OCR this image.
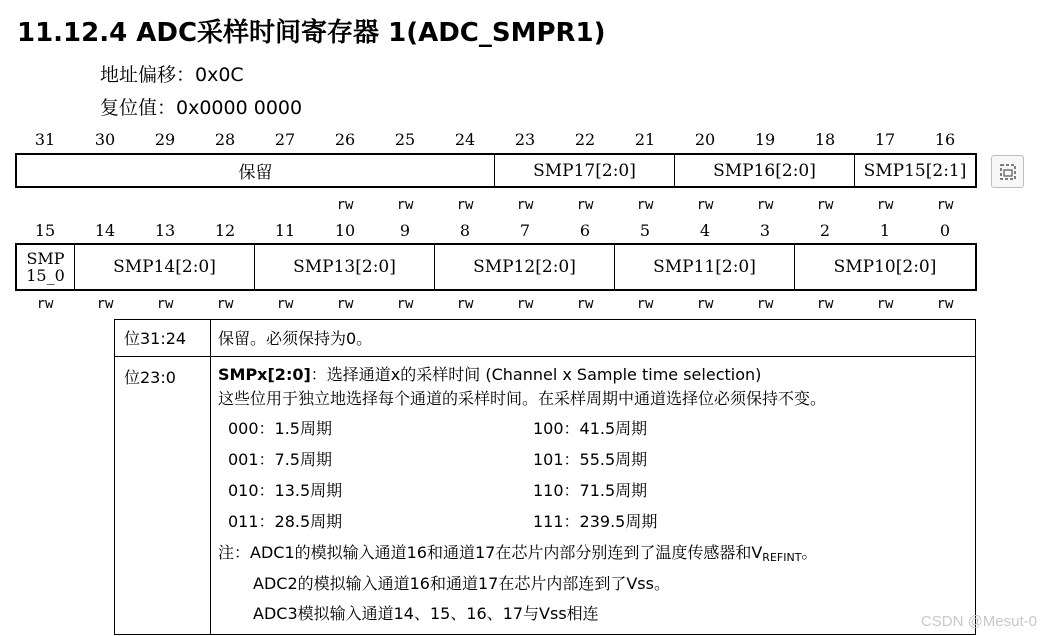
11.12.4 ADC采样时间寄存器 1(ADC_SMPR1)
地址偏移：0x0C
复位值：0x0000 0000
31	30	29	28	27	26	25	24	23	22	21	20	19	18	17	16
保留	SMP17[2:0]	SMP16[2:0]	SMP15[2:1]
rw	rw	rw	rw	rw	rw	rw	rw	rw	rw	rw
15	14	13	12	11	10	9	8	7	6	5	4	3	2	1	0
SMP
15_0	SMP14[2:0]	SMP13[2:0]	SMP12[2:0]	SMP11[2:0]	SMP10[2:0]
rw	rw	rw	rw	rw	rw	rw	rw	rw	rw	rw	rw	rw	rw	rw	rw
位31:24	保留。必须保持为0。
位23:0	SMPx[2:0]：选择通道x的采样时间 (Channel x Sample time selection)
这些位用于独立地选择每个通道的采样时间。在采样周期中通道选择位必须保持不变。
000：1.5周期	100：41.5周期
001：7.5周期	101：55.5周期
010：13.5周期	110：71.5周期
011：28.5周期	111：239.5周期
注：ADC1的模拟输入通道16和通道17在芯片内部分别连到了温度传感器和$V_{REFINT}$。
ADC2的模拟输入通道16和通道17在芯片内部连到了Vss。
ADC3模拟输入通道14、15、16、17与Vss相连	CSDN @Mesut-0
